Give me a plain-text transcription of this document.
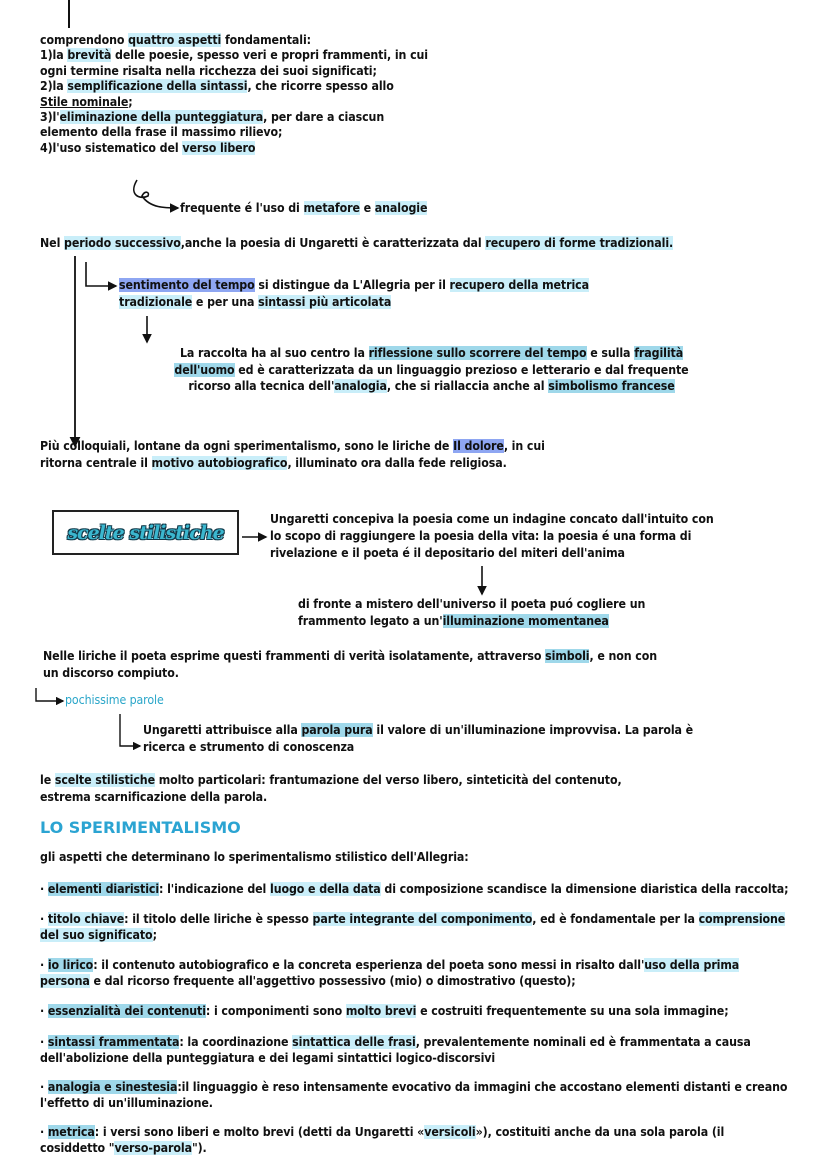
scelte stilistiche
LO SPERIMENTALISMO
comprendono quattro aspetti fondamentali:
1)la brevità delle poesie, spesso veri e propri frammenti, in cui
ogni termine risalta nella ricchezza dei suoi significati;
2)la semplificazione della sintassi, che ricorre spesso allo
Stile nominale;
3)l'eliminazione della punteggiatura, per dare a ciascun
elemento della frase il massimo rilievo;
4)l'uso sistematico del verso libero
frequente é l'uso di metafore e analogie
Nel periodo successivo,anche la poesia di Ungaretti è caratterizzata dal recupero di forme tradizionali.
sentimento del tempo si distingue da L'Allegria per il recupero della metrica
tradizionale e per una sintassi più articolata
La raccolta ha al suo centro la riflessione sullo scorrere del tempo e sulla fragilità
dell'uomo ed è caratterizzata da un linguaggio prezioso e letterario e dal frequente
ricorso alla tecnica dell'analogia, che si riallaccia anche al simbolismo francese
Più colloquiali, lontane da ogni sperimentalismo, sono le liriche de Il dolore, in cui
ritorna centrale il motivo autobiografico, illuminato ora dalla fede religiosa.
Ungaretti concepiva la poesia come un indagine concato dall'intuito con
lo scopo di raggiungere la poesia della vita: la poesia é una forma di
rivelazione e il poeta é il depositario del miteri dell'anima
di fronte a mistero dell'universo il poeta puó cogliere un
frammento legato a un'illuminazione momentanea
Nelle liriche il poeta esprime questi frammenti di verità isolatamente, attraverso simboli, e non con
un discorso compiuto.
pochissime parole
Ungaretti attribuisce alla parola pura il valore di un'illuminazione improvvisa. La parola è
ricerca e strumento di conoscenza
le scelte stilistiche molto particolari: frantumazione del verso libero, sinteticità del contenuto,
estrema scarnificazione della parola.
gli aspetti che determinano lo sperimentalismo stilistico dell'Allegria:
· elementi diaristici: l'indicazione del luogo e della data di composizione scandisce la dimensione diaristica della raccolta;
· titolo chiave: il titolo delle liriche è spesso parte integrante del componimento, ed è fondamentale per la comprensione
del suo significato;
· io lirico: il contenuto autobiografico e la concreta esperienza del poeta sono messi in risalto dall'uso della prima
persona e dal ricorso frequente all'aggettivo possessivo (mio) o dimostrativo (questo);
· essenzialità dei contenuti: i componimenti sono molto brevi e costruiti frequentemente su una sola immagine;
· sintassi frammentata: la coordinazione sintattica delle frasi, prevalentemente nominali ed è frammentata a causa
dell'abolizione della punteggiatura e dei legami sintattici logico-discorsivi
· analogia e sinestesia:il linguaggio è reso intensamente evocativo da immagini che accostano elementi distanti e creano
l'effetto di un'illuminazione.
· metrica: i versi sono liberi e molto brevi (detti da Ungaretti «versicoli»), costituiti anche da una sola parola (il
cosiddetto "verso-parola").
